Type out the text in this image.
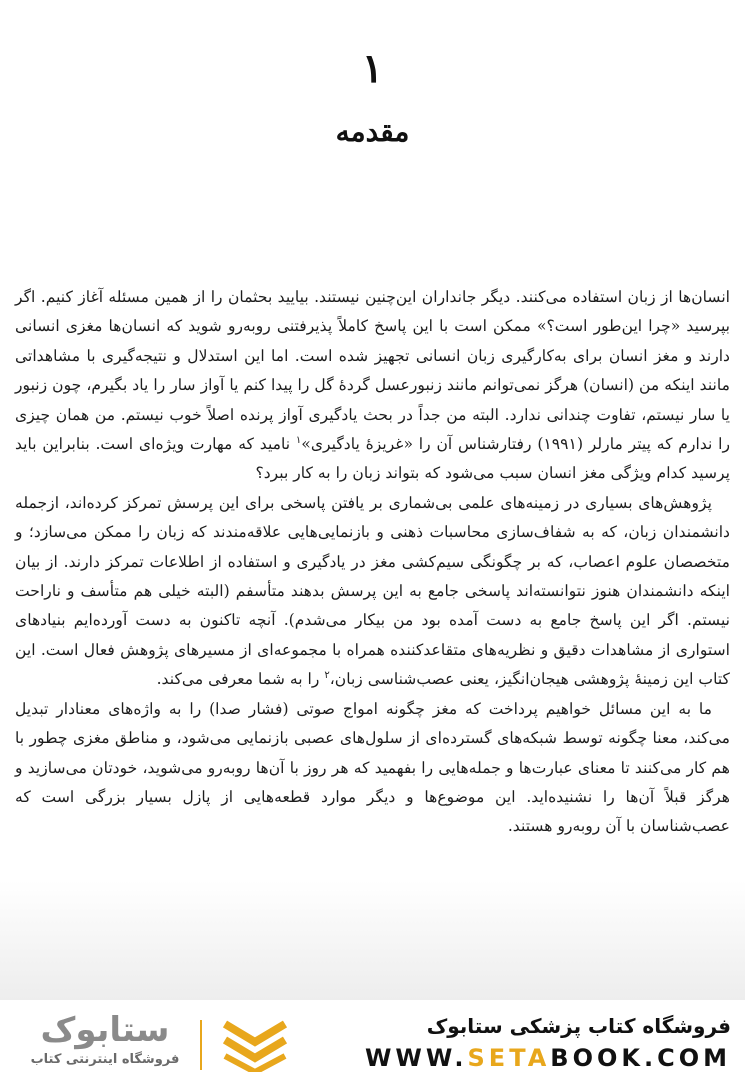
۱
مقدمه

انسان‌ها از زبان استفاده می‌کنند. دیگر جانداران این‌چنین نیستند. بیایید بحثمان را از همین مسئله آغاز کنیم. اگر بپرسید «چرا این‌طور است؟» ممکن است با این پاسخ کاملاً پذیرفتنی روبه‌رو شوید که انسان‌ها مغزی انسانی دارند و مغز انسان برای به‌کارگیری زبان انسانی تجهیز شده است. اما این استدلال و نتیجه‌گیری با مشاهداتی مانند اینکه من (انسان) هرگز نمی‌توانم مانند زنبورعسل گردهٔ گل را پیدا کنم یا آواز سار را یاد بگیرم، چون زنبور یا سار نیستم، تفاوت چندانی ندارد. البته من جداً در بحث یادگیری آواز پرنده اصلاً خوب نیستم. من همان چیزی را ندارم که پیتر مارلر (۱۹۹۱) رفتارشناس آن را «غریزهٔ یادگیری»$^۱$ نامید که مهارت ویژه‌ای است. بنابراین باید پرسید کدام ویژگی مغز انسان سبب می‌شود که بتواند زبان را به کار ببرد؟

پژوهش‌های بسیاری در زمینه‌های علمی بی‌شماری بر یافتن پاسخی برای این پرسش تمرکز کرده‌اند، ازجمله دانشمندان زبان، که به شفاف‌سازی محاسبات ذهنی و بازنمایی‌هایی علاقه‌مندند که زبان را ممکن می‌سازد؛ و متخصصان علوم اعصاب، که بر چگونگی سیم‌کشی مغز در یادگیری و استفاده از اطلاعات تمرکز دارند. از بیان اینکه دانشمندان هنوز نتوانسته‌اند پاسخی جامع به این پرسش بدهند متأسفم (البته خیلی هم متأسف و ناراحت نیستم. اگر این پاسخ جامع به دست آمده بود من بیکار می‌شدم). آنچه تاکنون به دست آورده‌ایم بنیادهای استواری از مشاهدات دقیق و نظریه‌های متقاعدکننده همراه با مجموعه‌ای از مسیرهای پژوهش فعال است. این کتاب این زمینهٔ پژوهشی هیجان‌انگیز، یعنی عصب‌شناسی زبان،$^۲$ را به شما معرفی می‌کند.

ما به این مسائل خواهیم پرداخت که مغز چگونه امواج صوتی (فشار صدا) را به واژه‌های معنادار تبدیل می‌کند، معنا چگونه توسط شبکه‌های گسترده‌ای از سلول‌های عصبی بازنمایی می‌شود، و مناطق مغزی چطور با هم کار می‌کنند تا معنای عبارت‌ها و جمله‌هایی را بفهمید که هر روز با آن‌ها روبه‌رو می‌شوید، خودتان می‌سازید و هرگز قبلاً آن‌ها را نشنیده‌اید. این موضوع‌ها و دیگر موارد قطعه‌هایی از پازل بسیار بزرگی است که عصب‌شناسان با آن روبه‌رو هستند.

ستابوک
فروشگاه اینترنتی کتاب
فروشگاه کتاب پزشکی ستابوک
WWW.SETABOOK.COM
